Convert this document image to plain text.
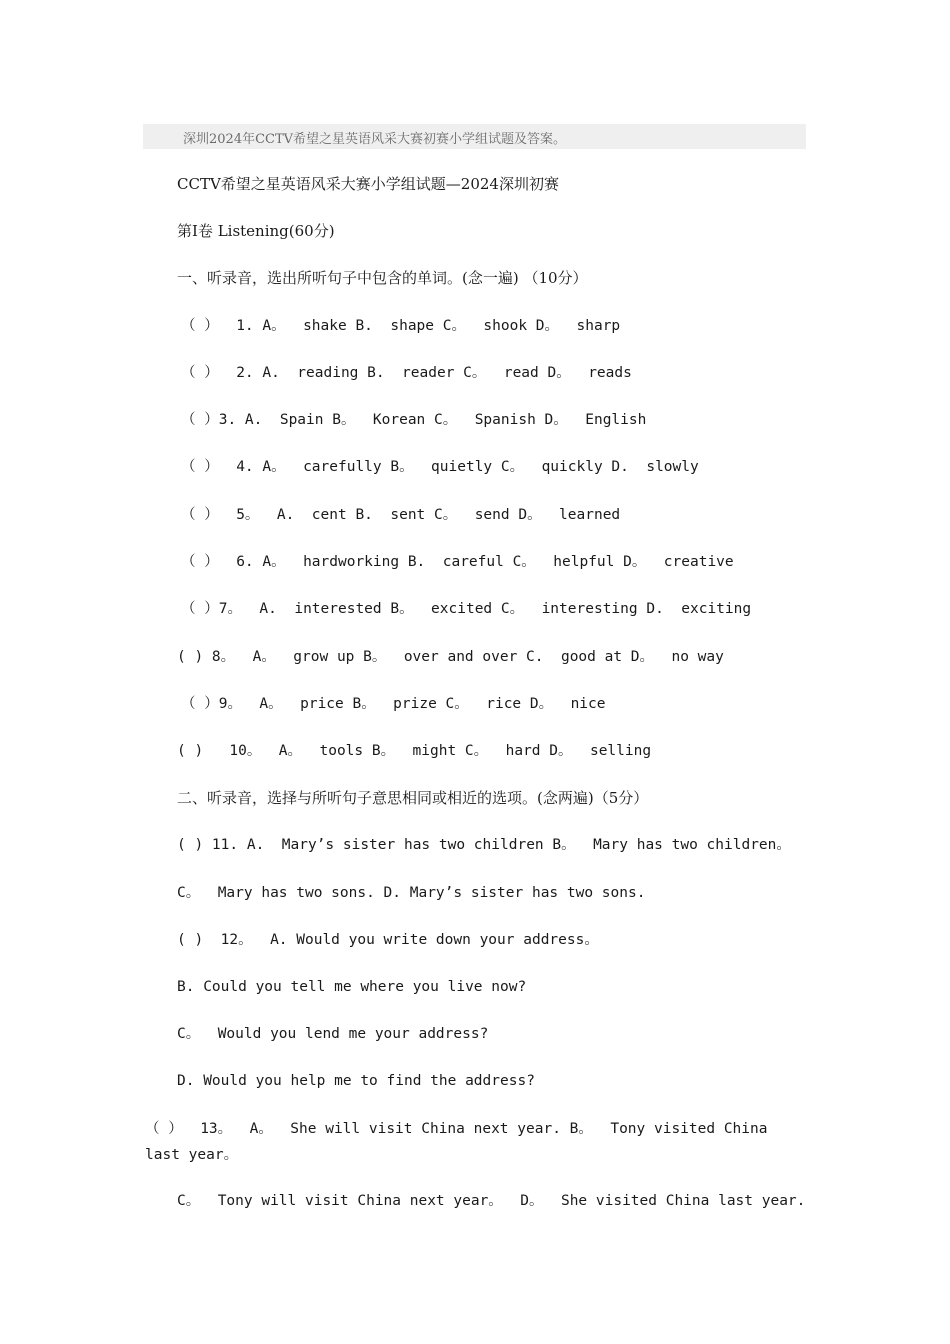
深圳2024年CCTV希望之星英语风采大赛初赛小学组试题及答案。
CCTV希望之星英语风采大赛小学组试题—2024深圳初赛
第I卷 Listening(60分)
一、听录音，选出所听句子中包含的单词。(念一遍) （10分）
（ ）  1. A。  shake B.  shape C。  shook D。  sharp
（ ）  2. A.  reading B.  reader C。  read D。  reads
（ ）3. A.  Spain B。  Korean C。  Spanish D。  English
（ ）  4. A。  carefully B。  quietly C。  quickly D.  slowly
（ ）  5。  A.  cent B.  sent C。  send D。  learned
（ ）  6. A。  hardworking B.  careful C。  helpful D。  creative
（ ）7。  A.  interested B。  excited C。  interesting D.  exciting
( ) 8。  A。  grow up B。  over and over C.  good at D。  no way
（ ）9。  A。  price B。  prize C。  rice D。  nice
( )   10。  A。  tools B。  might C。  hard D。  selling
二、听录音，选择与所听句子意思相同或相近的选项。(念两遍)（5分）
( ) 11. A.  Mary’s sister has two children B。  Mary has two children。
C。  Mary has two sons. D. Mary’s sister has two sons.
( )  12。  A. Would you write down your address。
B. Could you tell me where you live now?
C。  Would you lend me your address?
D. Would you help me to find the address?
（ ）  13。  A。  She will visit China next year. B。  Tony visited China last year。
C。  Tony will visit China next year。  D。  She visited China last year.
